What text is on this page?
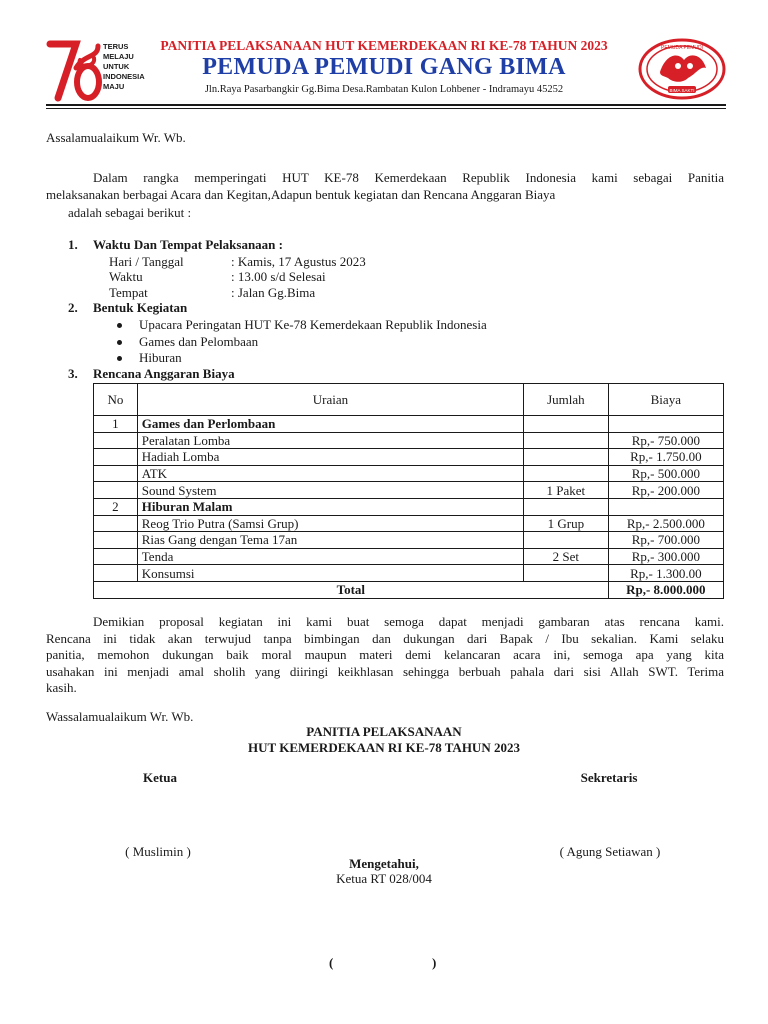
TERUS
MELAJU
UNTUK
INDONESIA
MAJU
PANITIA PELAKSANAAN HUT KEMERDEKAAN RI KE-78 TAHUN 2023
PEMUDA PEMUDI GANG BIMA
Jln.Raya Pasarbangkir Gg.Bima Desa.Rambatan Kulon Lohbener - Indramayu 45252
PEMUDA PEMUDI
BIMA SAKTI
Assalamualaikum Wr. Wb.
Dalam rangka memperingati HUT KE-78 Kemerdekaan Republik Indonesia kami sebagai Panitia
melaksanakan berbagai Acara dan Kegitan,Adapun bentuk kegiatan dan Rencana Anggaran Biaya
adalah sebagai berikut :
1. Waktu Dan Tempat Pelaksanaan :
Hari / Tanggal	: Kamis, 17 Agustus 2023
Waktu	: 13.00 s/d Selesai
Tempat	: Jalan Gg.Bima
2. Bentuk Kegiatan
Upacara Peringatan HUT Ke-78 Kemerdekaan Republik Indonesia
Games dan Pelombaan
Hiburan
3. Rencana Anggaran Biaya
No	Uraian	Jumlah	Biaya
1	Games dan Perlombaan		
	Peralatan Lomba		Rp,- 750.000
	Hadiah Lomba		Rp,- 1.750.00
	ATK		Rp,- 500.000
	Sound System	1 Paket	Rp,- 200.000
2	Hiburan Malam		
	Reog Trio Putra (Samsi Grup)	1 Grup	Rp,- 2.500.000
	Rias Gang dengan Tema 17an		Rp,- 700.000
	Tenda	2 Set	Rp,- 300.000
	Konsumsi		Rp,- 1.300.00
Total			Rp,- 8.000.000
Demikian proposal kegiatan ini kami buat semoga dapat menjadi gambaran atas rencana kami.
Rencana ini tidak akan terwujud tanpa bimbingan dan dukungan dari Bapak / Ibu sekalian. Kami selaku
panitia, memohon dukungan baik moral maupun materi demi kelancaran acara ini, semoga apa yang kita
usahakan ini menjadi amal sholih yang diiringi keikhlasan sehingga berbuah pahala dari sisi Allah SWT. Terima
kasih.
Wassalamualaikum Wr. Wb.
PANITIA PELAKSANAAN
HUT KEMERDEKAAN RI KE-78 TAHUN 2023
Ketua	Sekretaris
( Muslimin )	( Agung Setiawan )
Mengetahui,
Ketua RT 028/004
(	)
